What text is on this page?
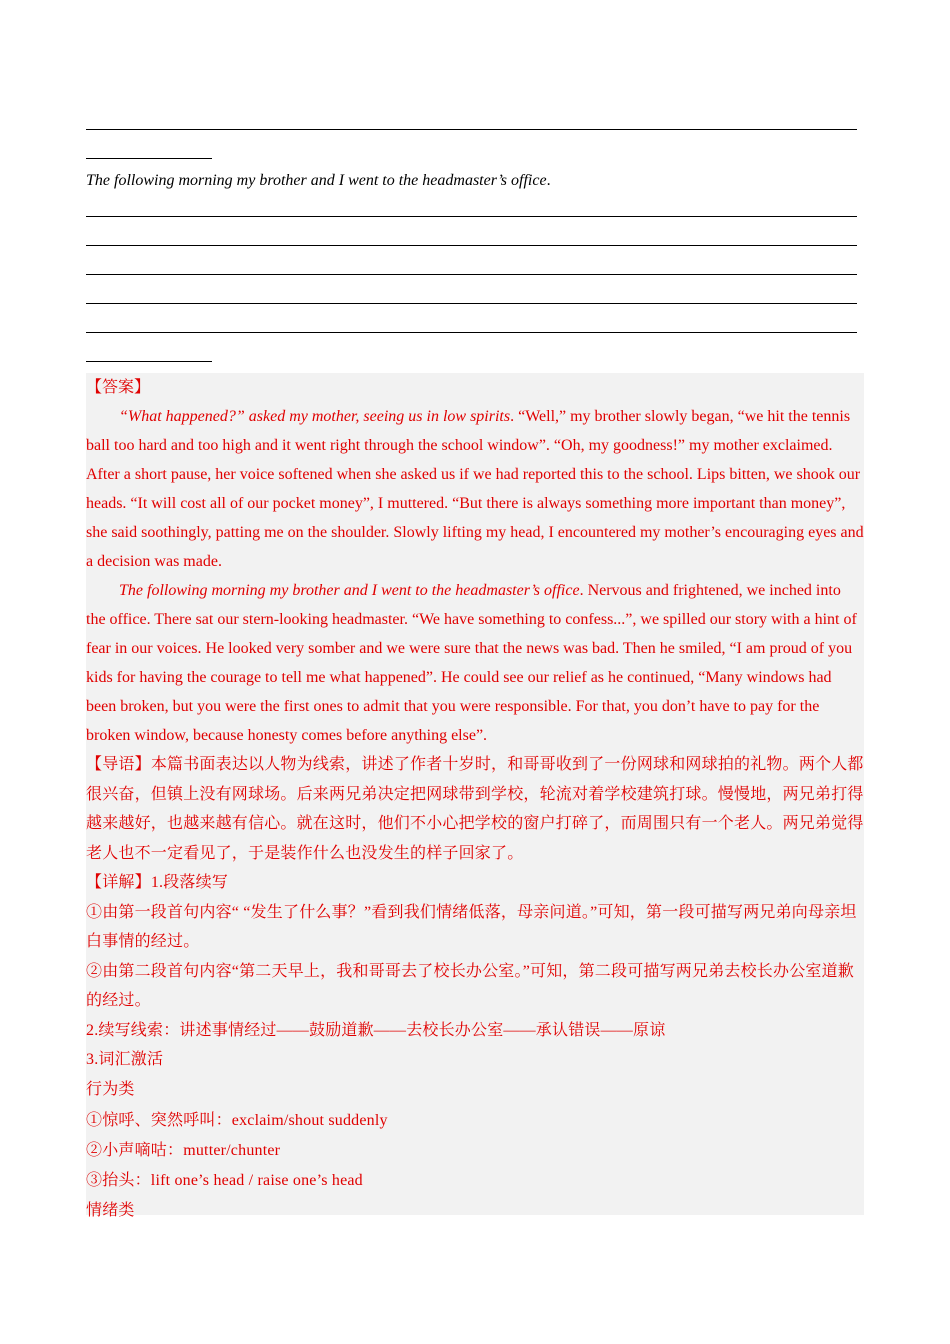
The following morning my brother and I went to the headmaster’s office.

【答案】

“What happened?” asked my mother, seeing us in low spirits. “Well,” my brother slowly began, “we hit the tennis ball too hard and too high and it went right through the school window”. “Oh, my goodness!” my mother exclaimed. After a short pause, her voice softened when she asked us if we had reported this to the school. Lips bitten, we shook our heads. “It will cost all of our pocket money”, I muttered. “But there is always something more important than money”, she said soothingly, patting me on the shoulder. Slowly lifting my head, I encountered my mother’s encouraging eyes and a decision was made.

The following morning my brother and I went to the headmaster’s office. Nervous and frightened, we inched into the office. There sat our stern-looking headmaster. “We have something to confess...”, we spilled our story with a hint of fear in our voices. He looked very somber and we were sure that the news was bad. Then he smiled, “I am proud of you kids for having the courage to tell me what happened”. He could see our relief as he continued, “Many windows had been broken, but you were the first ones to admit that you were responsible. For that, you don’t have to pay for the broken window, because honesty comes before anything else”.

【导语】本篇书面表达以人物为线索，讲述了作者十岁时，和哥哥收到了一份网球和网球拍的礼物。两个人都很兴奋，但镇上没有网球场。后来两兄弟决定把网球带到学校，轮流对着学校建筑打球。慢慢地，两兄弟打得越来越好，也越来越有信心。就在这时，他们不小心把学校的窗户打碎了，而周围只有一个老人。两兄弟觉得老人也不一定看见了，于是装作什么也没发生的样子回家了。

【详解】1.段落续写

①由第一段首句内容“ “发生了什么事？”看到我们情绪低落，母亲问道。”可知，第一段可描写两兄弟向母亲坦白事情的经过。

②由第二段首句内容“第二天早上，我和哥哥去了校长办公室。”可知，第二段可描写两兄弟去校长办公室道歉的经过。

2.续写线索：讲述事情经过——鼓励道歉——去校长办公室——承认错误——原谅

3.词汇激活

行为类

①惊呼、突然呼叫：exclaim/shout suddenly

②小声嘀咕：mutter/chunter

③抬头：lift one’s head / raise one’s head

情绪类
